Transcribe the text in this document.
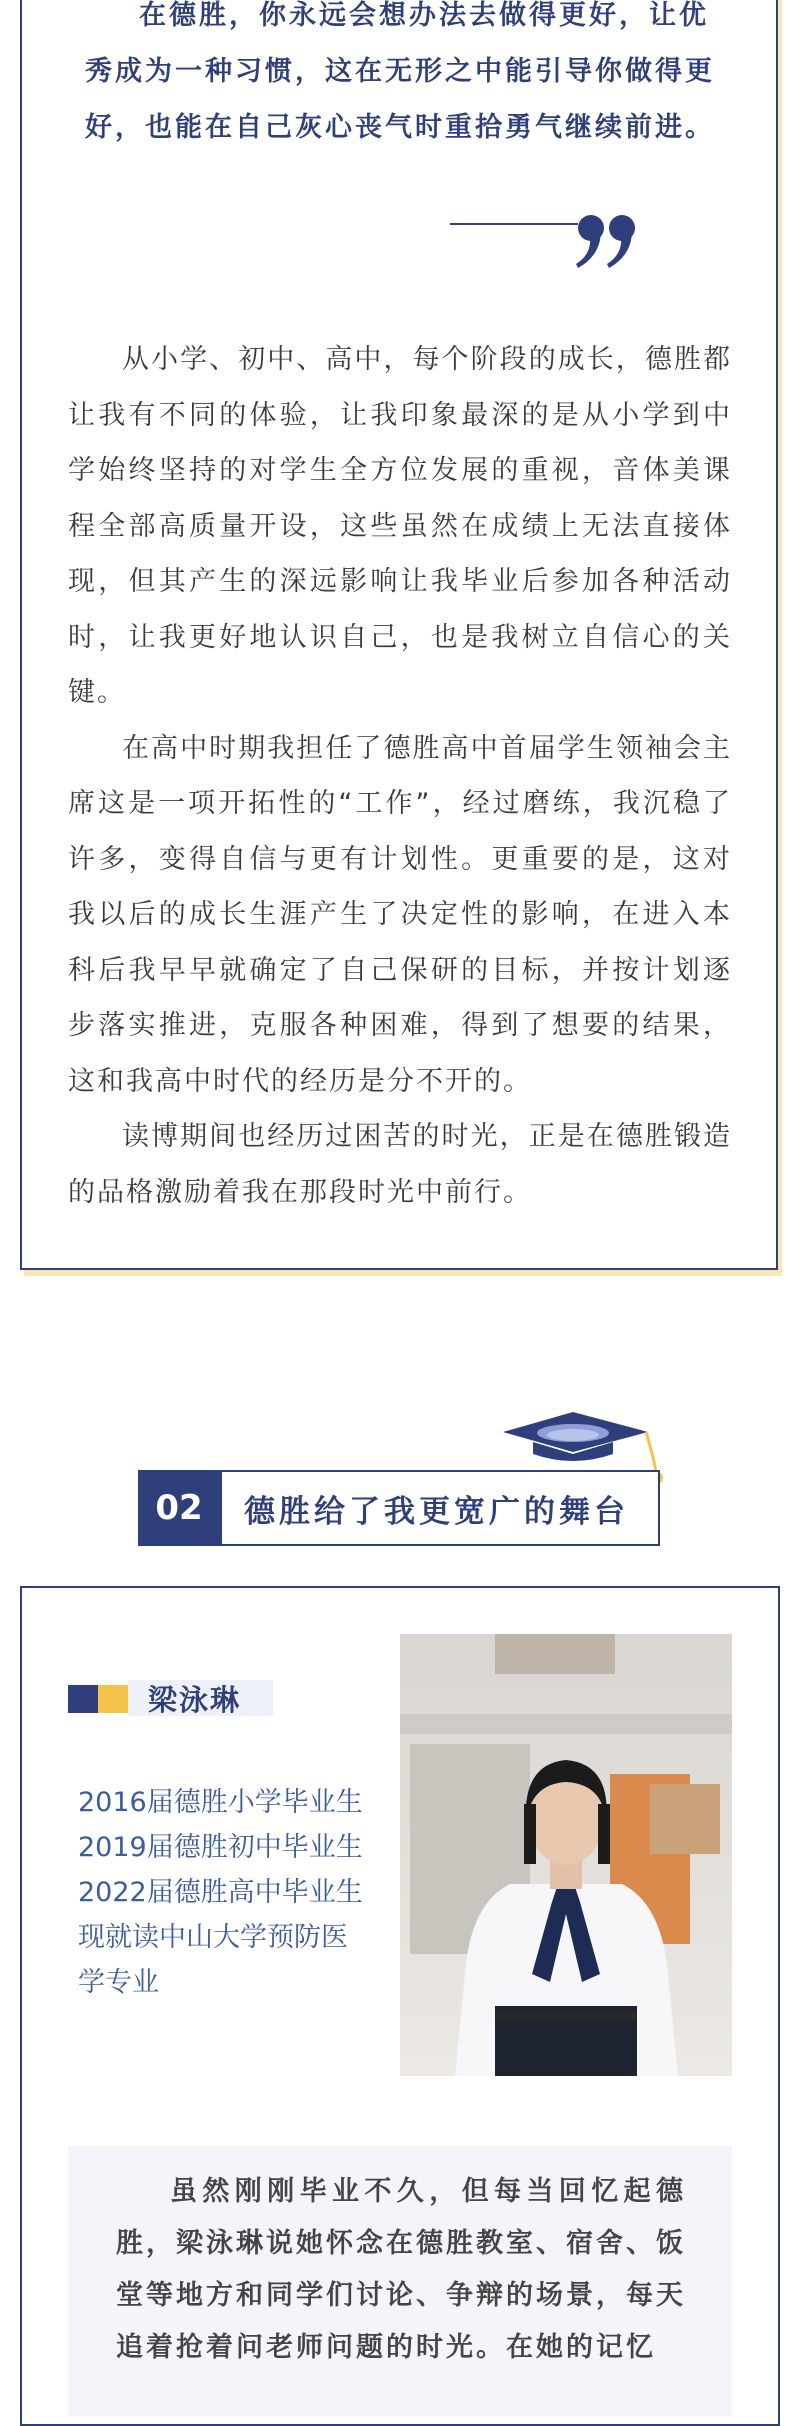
在德胜，你永远会想办法去做得更好，让优秀成为一种习惯，这在无形之中能引导你做得更好，也能在自己灰心丧气时重拾勇气继续前进。

从小学、初中、高中，每个阶段的成长，德胜都让我有不同的体验，让我印象最深的是从小学到中学始终坚持的对学生全方位发展的重视，音体美课程全部高质量开设，这些虽然在成绩上无法直接体现，但其产生的深远影响让我毕业后参加各种活动时，让我更好地认识自己，也是我树立自信心的关键。

在高中时期我担任了德胜高中首届学生领袖会主席这是一项开拓性的“工作”，经过磨练，我沉稳了许多，变得自信与更有计划性。更重要的是，这对我以后的成长生涯产生了决定性的影响，在进入本科后我早早就确定了自己保研的目标，并按计划逐步落实推进，克服各种困难，得到了想要的结果，这和我高中时代的经历是分不开的。

读博期间也经历过困苦的时光，正是在德胜锻造的品格激励着我在那段时光中前行。

02	德胜给了我更宽广的舞台
梁泳琳
2016届德胜小学毕业生
2019届德胜初中毕业生
2022届德胜高中毕业生
现就读中山大学预防医
学专业

虽然刚刚毕业不久，但每当回忆起德胜，梁泳琳说她怀念在德胜教室、宿舍、饭堂等地方和同学们讨论、争辩的场景，每天追着抢着问老师问题的时光。在她的记忆
